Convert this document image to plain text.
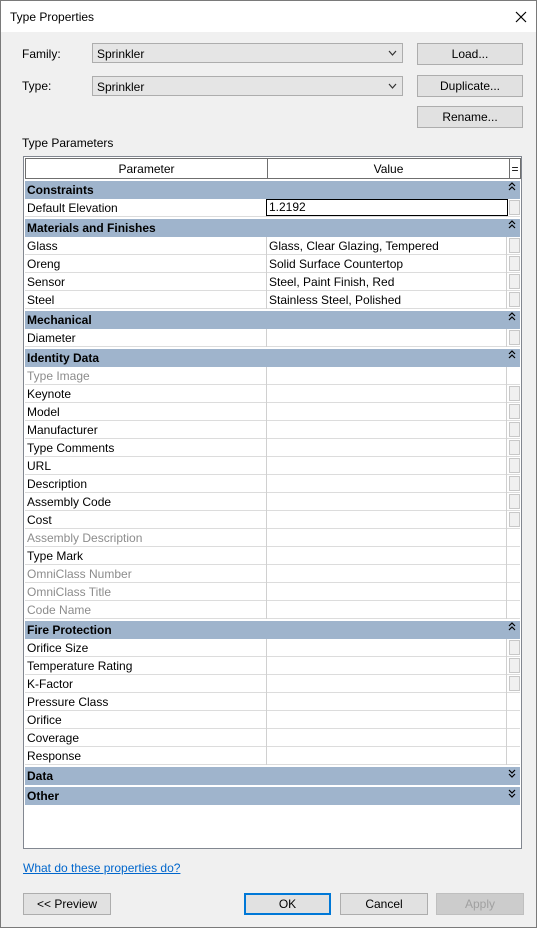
Type Properties
Family:	Sprinkler
Type:	Sprinkler
Load...
Duplicate...
Rename...
Type Parameters
Parameter	Value	=
Constraints
Default Elevation	1.2192
Materials and Finishes
Glass	Glass, Clear Glazing, Tempered
Oreng	Solid Surface Countertop
Sensor	Steel, Paint Finish, Red
Steel	Stainless Steel, Polished
Mechanical
Diameter
Identity Data
Type Image
Keynote
Model
Manufacturer
Type Comments
URL
Description
Assembly Code
Cost
Assembly Description
Type Mark
OmniClass Number
OmniClass Title
Code Name
Fire Protection
Orifice Size
Temperature Rating
K-Factor
Pressure Class
Orifice
Coverage
Response
Data
Other
What do these properties do?
<< Preview	OK	Cancel	Apply
